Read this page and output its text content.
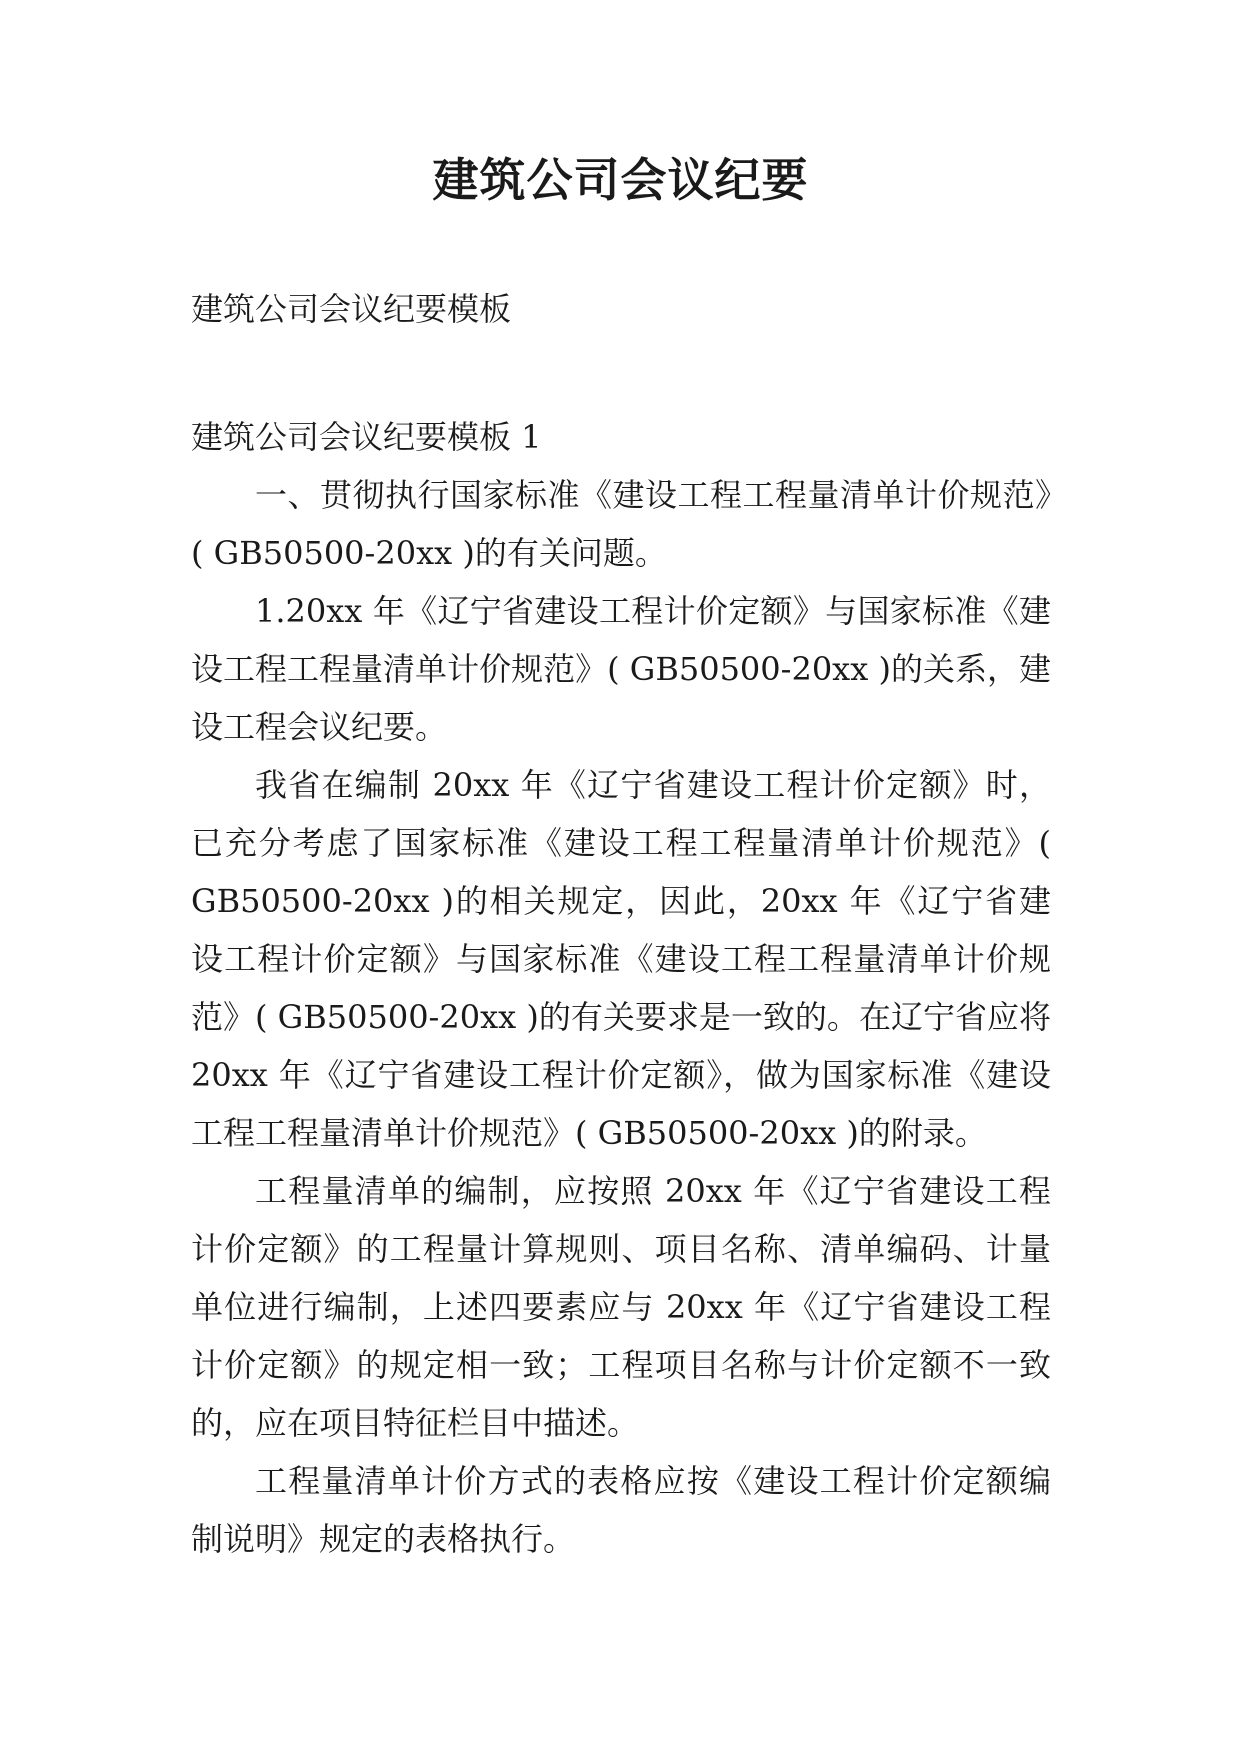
建筑公司会议纪要

建筑公司会议纪要模板

建筑公司会议纪要模板 1

一、贯彻执行国家标准《建设工程工程量清单计价规范》( GB50500-20xx )的有关问题。

1.20xx 年《辽宁省建设工程计价定额》与国家标准《建设工程工程量清单计价规范》( GB50500-20xx )的关系，建设工程会议纪要。

我省在编制 20xx 年《辽宁省建设工程计价定额》时，已充分考虑了国家标准《建设工程工程量清单计价规范》( GB50500-20xx )的相关规定，因此，20xx 年《辽宁省建设工程计价定额》与国家标准《建设工程工程量清单计价规范》( GB50500-20xx )的有关要求是一致的。在辽宁省应将 20xx 年《辽宁省建设工程计价定额》，做为国家标准《建设工程工程量清单计价规范》( GB50500-20xx )的附录。

工程量清单的编制，应按照 20xx 年《辽宁省建设工程计价定额》的工程量计算规则、项目名称、清单编码、计量单位进行编制，上述四要素应与 20xx 年《辽宁省建设工程计价定额》的规定相一致；工程项目名称与计价定额不一致的，应在项目特征栏目中描述。

工程量清单计价方式的表格应按《建设工程计价定额编制说明》规定的表格执行。
